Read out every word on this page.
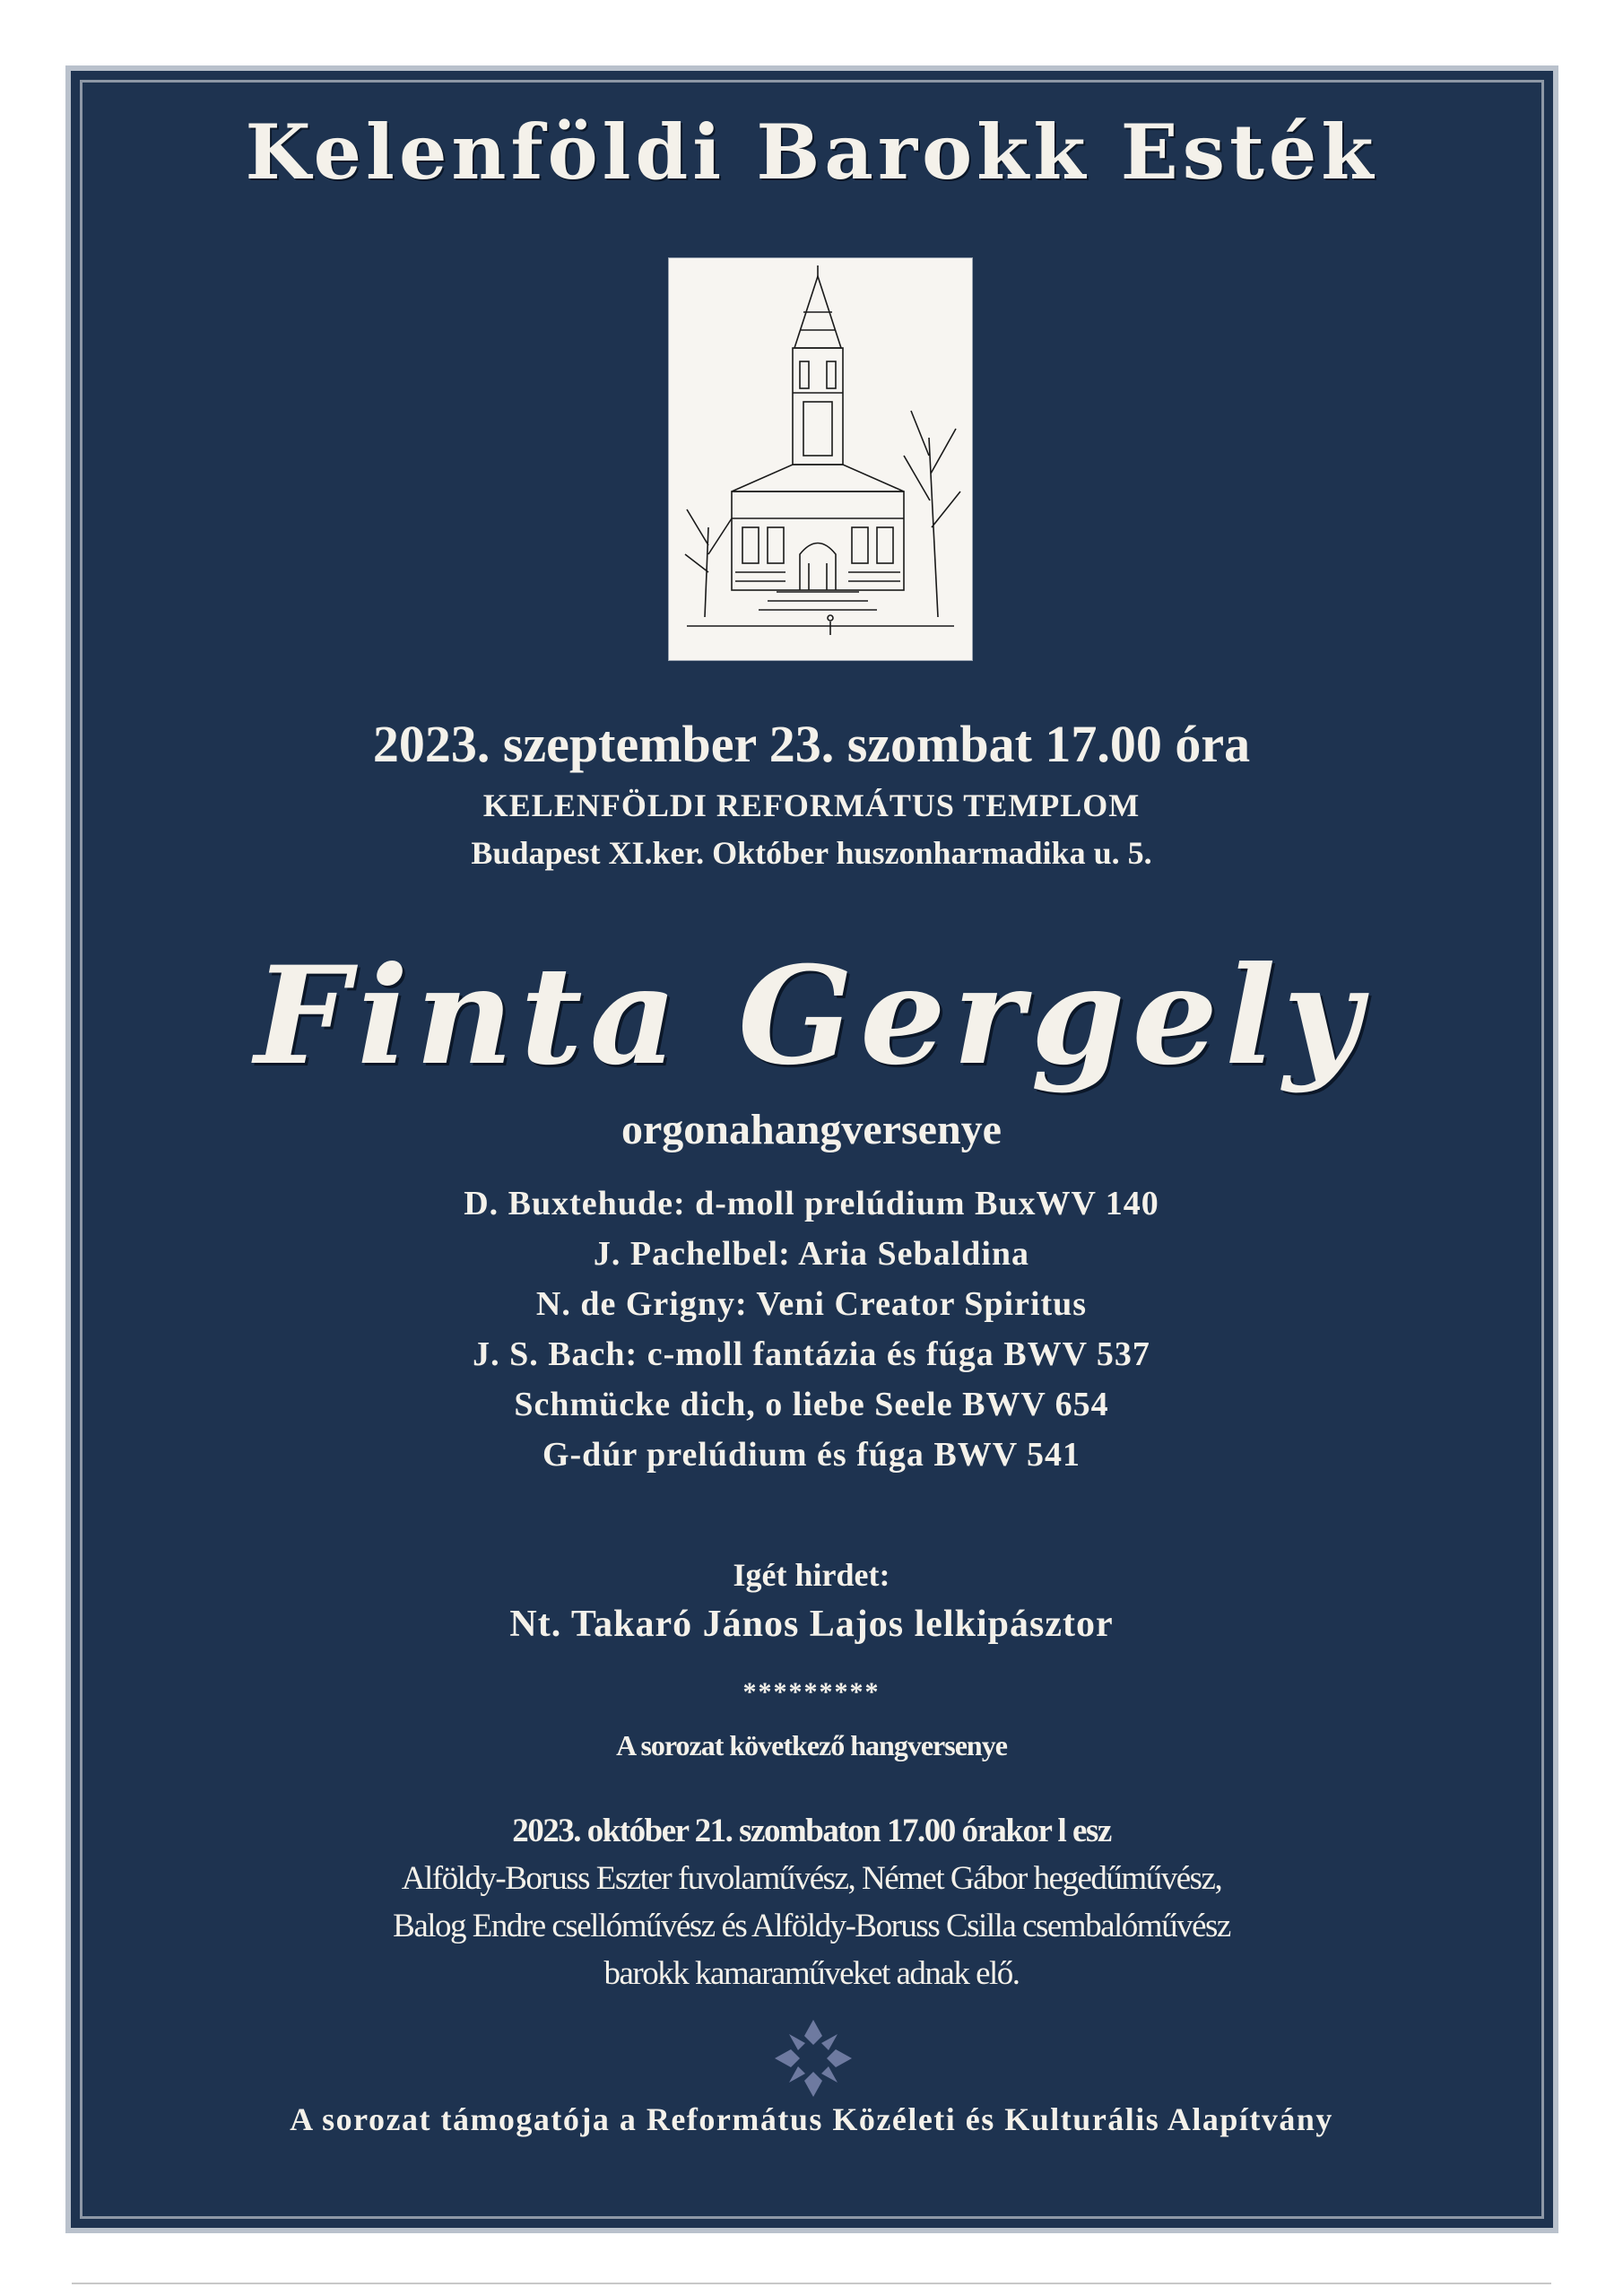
Kelenföldi Barokk Esték
2023. szeptember 23. szombat 17.00 óra
KELENFÖLDI REFORMÁTUS TEMPLOM
Budapest XI.ker. Október huszonharmadika u. 5.
Finta Gergely
orgonahangversenye
D. Buxtehude: d-moll prelúdium BuxWV 140
J. Pachelbel: Aria Sebaldina
N. de Grigny: Veni Creator Spiritus
J. S. Bach: c-moll fantázia és fúga BWV 537
Schmücke dich, o liebe Seele BWV 654
G-dúr prelúdium és fúga BWV 541
Igét hirdet:
Nt. Takaró János Lajos lelkipásztor
*********
A sorozat következő hangversenye
2023. október 21. szombaton 17.00 órakor l esz
Alföldy-Boruss Eszter fuvolaművész, Német Gábor hegedűművész,
Balog Endre csellóművész és Alföldy-Boruss Csilla csembalóművész
barokk kamaraműveket adnak elő.
A sorozat támogatója a Református Közéleti és Kulturális Alapítvány
